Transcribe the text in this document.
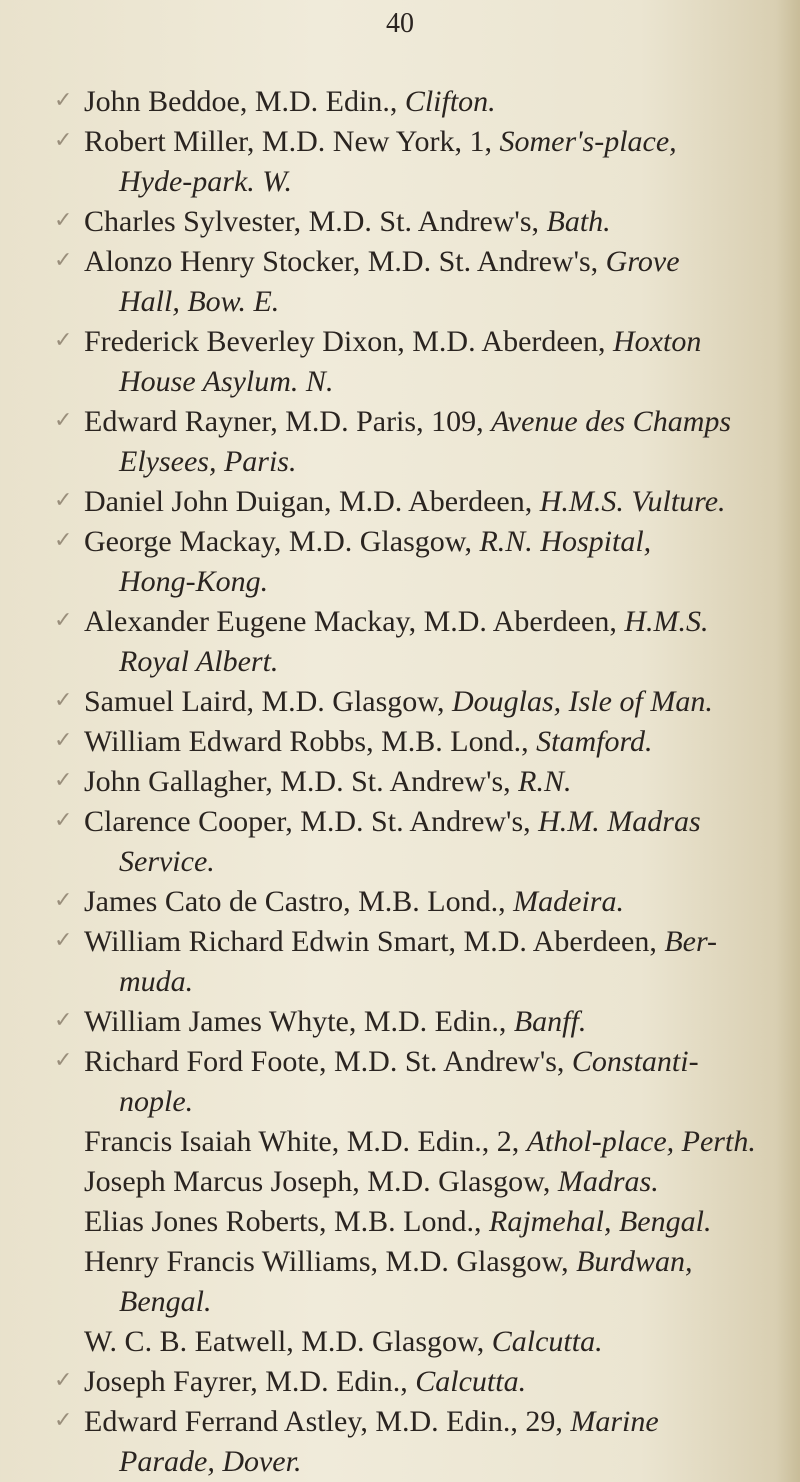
40
✓ John Beddoe, M.D. Edin., Clifton.
✓ Robert Miller, M.D. New York, 1, Somer's-place,
Hyde-park. W.
✓ Charles Sylvester, M.D. St. Andrew's, Bath.
✓ Alonzo Henry Stocker, M.D. St. Andrew's, Grove
Hall, Bow. E.
✓ Frederick Beverley Dixon, M.D. Aberdeen, Hoxton
House Asylum. N.
✓ Edward Rayner, M.D. Paris, 109, Avenue des Champs
Elysees, Paris.
✓ Daniel John Duigan, M.D. Aberdeen, H.M.S. Vulture.
✓ George Mackay, M.D. Glasgow, R.N. Hospital,
Hong-Kong.
✓ Alexander Eugene Mackay, M.D. Aberdeen, H.M.S.
Royal Albert.
✓ Samuel Laird, M.D. Glasgow, Douglas, Isle of Man.
✓ William Edward Robbs, M.B. Lond., Stamford.
✓ John Gallagher, M.D. St. Andrew's, R.N.
✓ Clarence Cooper, M.D. St. Andrew's, H.M. Madras
Service.
✓ James Cato de Castro, M.B. Lond., Madeira.
✓ William Richard Edwin Smart, M.D. Aberdeen, Ber-
muda.
✓ William James Whyte, M.D. Edin., Banff.
✓ Richard Ford Foote, M.D. St. Andrew's, Constanti-
nople.
Francis Isaiah White, M.D. Edin., 2, Athol-place, Perth.
Joseph Marcus Joseph, M.D. Glasgow, Madras.
Elias Jones Roberts, M.B. Lond., Rajmehal, Bengal.
Henry Francis Williams, M.D. Glasgow, Burdwan,
Bengal.
W. C. B. Eatwell, M.D. Glasgow, Calcutta.
✓ Joseph Fayrer, M.D. Edin., Calcutta.
✓ Edward Ferrand Astley, M.D. Edin., 29, Marine
Parade, Dover.
